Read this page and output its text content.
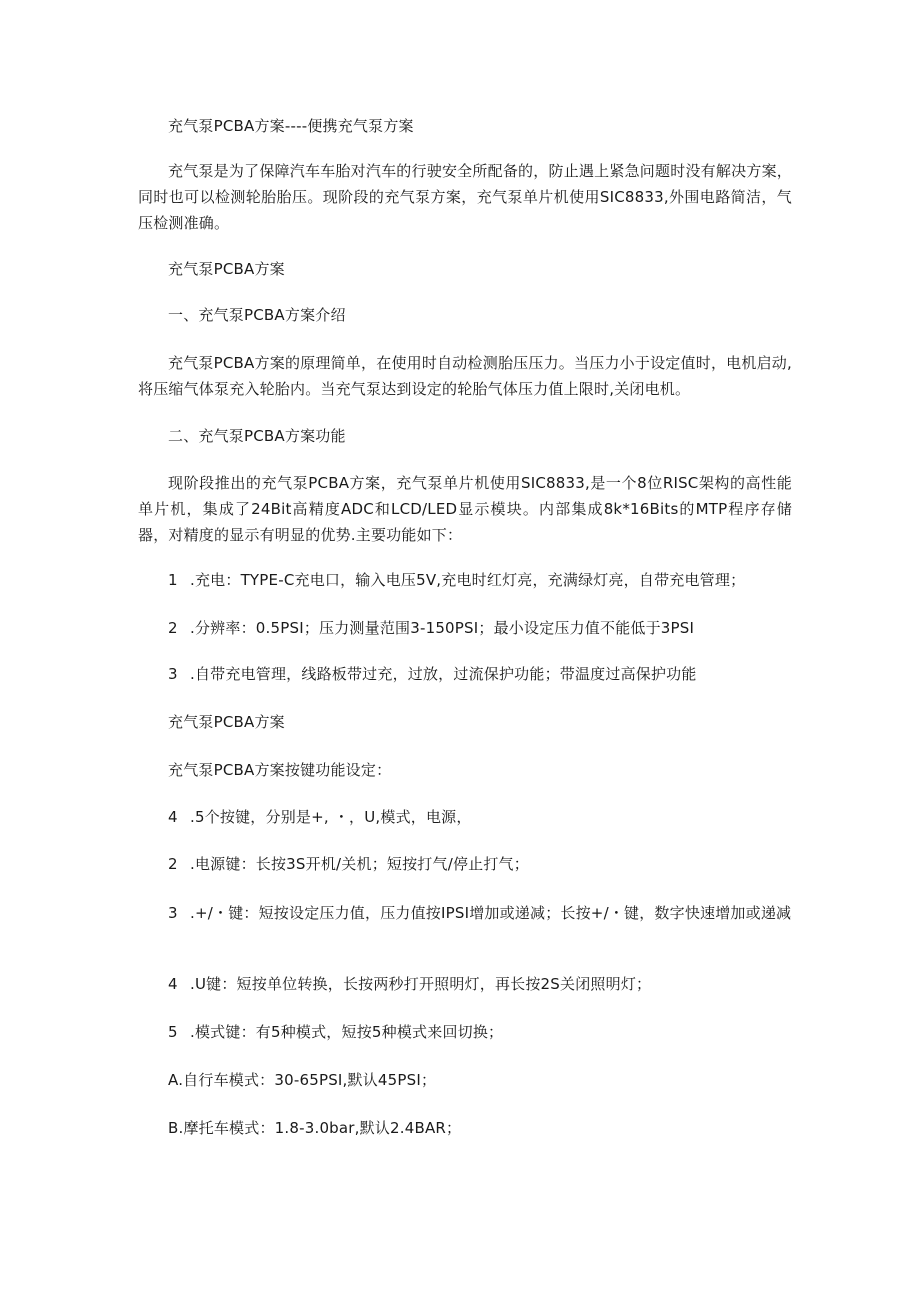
充气泵PCBA方案----便携充气泵方案
充气泵是为了保障汽车车胎对汽车的行驶安全所配备的，防止遇上紧急问题时没有解决方案，同时也可以检测轮胎胎压。现阶段的充气泵方案，充气泵单片机使用SIC8833,外围电路简洁，气压检测准确。
充气泵PCBA方案
一、充气泵PCBA方案介绍
充气泵PCBA方案的原理简单，在使用时自动检测胎压压力。当压力小于设定值时，电机启动,将压缩气体泵充入轮胎内。当充气泵达到设定的轮胎气体压力值上限时,关闭电机。
二、充气泵PCBA方案功能
现阶段推出的充气泵PCBA方案，充气泵单片机使用SIC8833,是一个8位RISC架构的高性能单片机，集成了24Bit高精度ADC和LCD/LED显示模块。内部集成8k*16Bits的MTP程序存储器，对精度的显示有明显的优势.主要功能如下：
1 .充电：TYPE-C充电口，输入电压5V,充电时红灯亮，充满绿灯亮，自带充电管理；
2 .分辨率：0.5PSI；压力测量范围3-150PSI；最小设定压力值不能低于3PSI
3 .自带充电管理，线路板带过充，过放，过流保护功能；带温度过高保护功能
充气泵PCBA方案
充气泵PCBA方案按键功能设定：
4 .5个按键，分别是+, ・，U,模式，电源，
2 .电源键：长按3S开机/关机；短按打气/停止打气；
3 .+/・键：短按设定压力值，压力值按IPSI增加或递减；长按+/・键，数字快速增加或递减
4 .U键：短按单位转换，长按两秒打开照明灯，再长按2S关闭照明灯；
5 .模式键：有5种模式，短按5种模式来回切换；
A.自行车模式：30-65PSI,默认45PSI；
B.摩托车模式：1.8-3.0bar,默认2.4BAR；
